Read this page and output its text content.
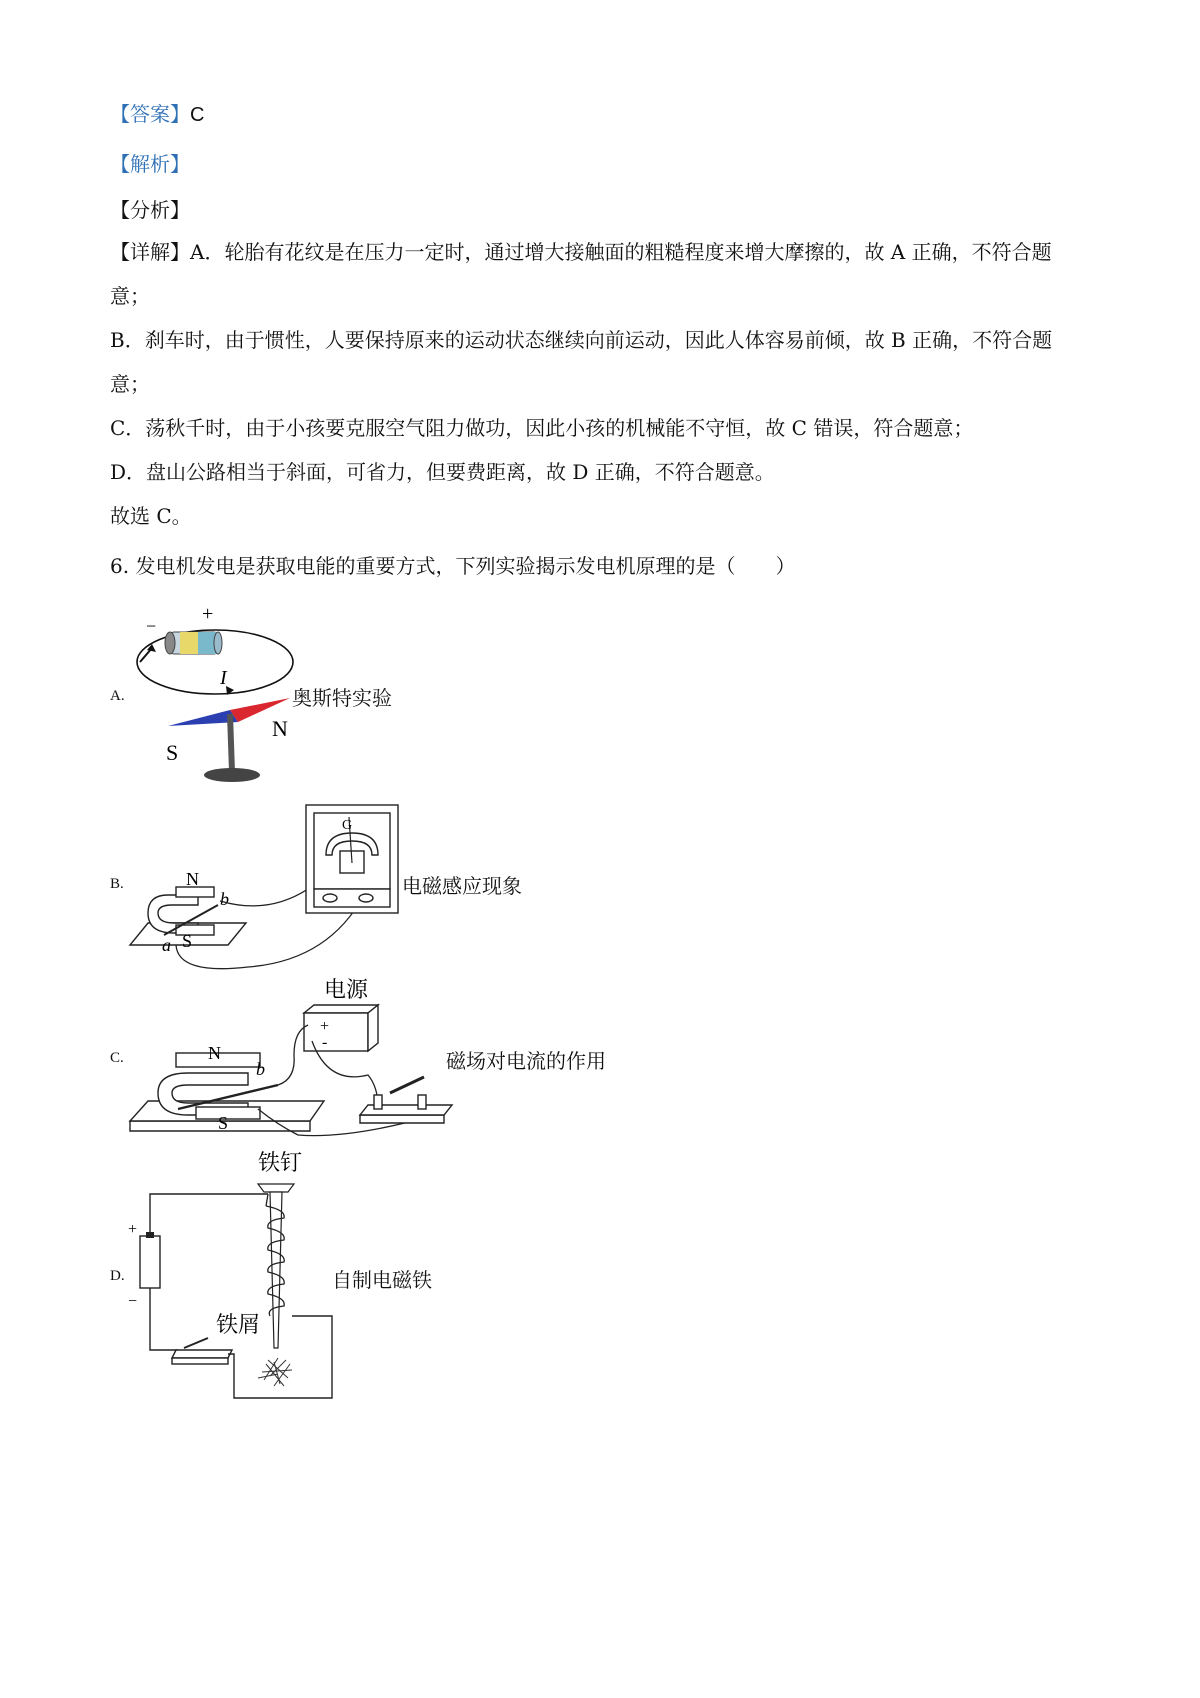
【答案】C
【解析】
【分析】
【详解】A．轮胎有花纹是在压力一定时，通过增大接触面的粗糙程度来增大摩擦的，故 A 正确，不符合题
意；
B．刹车时，由于惯性，人要保持原来的运动状态继续向前运动，因此人体容易前倾，故 B 正确，不符合题
意；
C．荡秋千时，由于小孩要克服空气阻力做功，因此小孩的机械能不守恒，故 C 错误，符合题意；
D．盘山公路相当于斜面，可省力，但要费距离，故 D 正确，不符合题意。
故选 C。
6. 发电机发电是获取电能的重要方式，下列实验揭示发电机原理的是（　　）
A.	奥斯特实验
−
+
I
S
N
B.	电磁感应现象
N
S
a
b
G
C.	磁场对电流的作用
电源
+
-
N
S
b
D.	自制电磁铁
铁钉
+
−
铁屑
